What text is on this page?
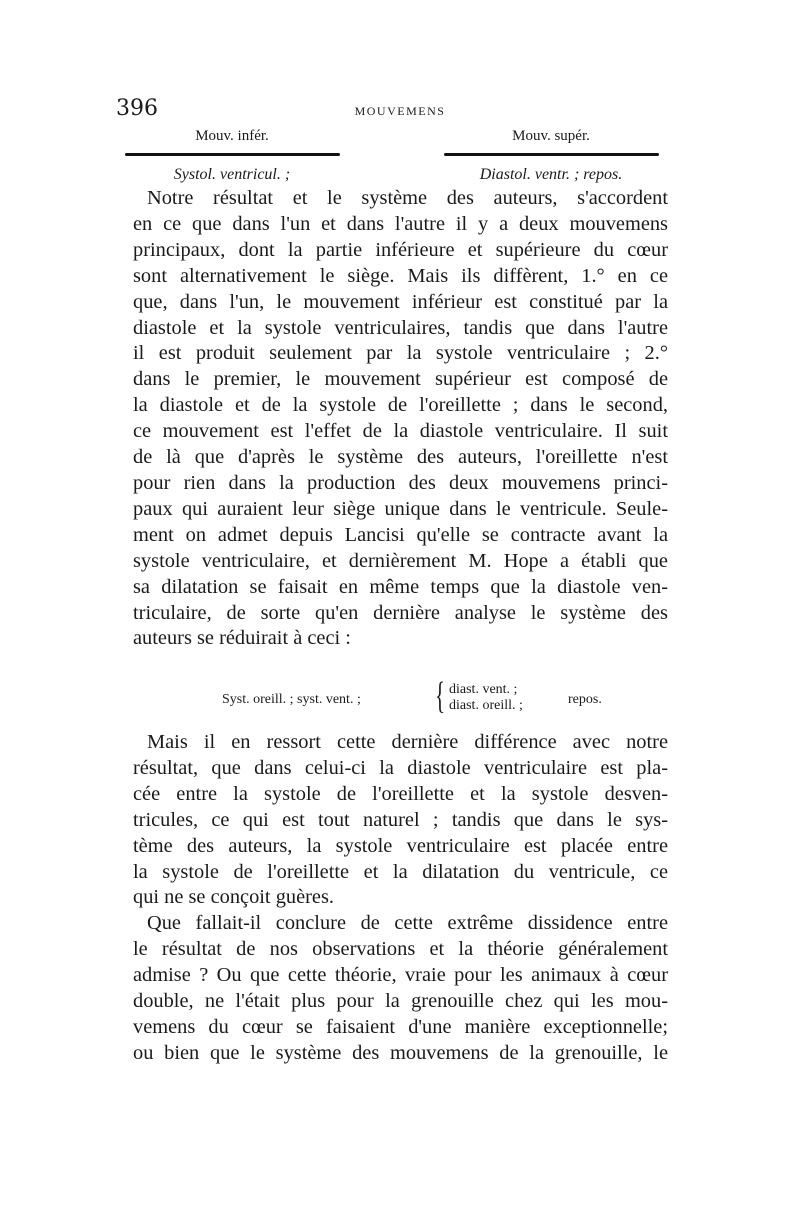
396	MOUVEMENS
Mouv. infér.
Systol. ventricul. ;
Mouv. supér.
Diastol. ventr. ; repos.
Notre résultat et le système des auteurs, s'accordent
en ce que dans l'un et dans l'autre il y a deux mouvemens
principaux, dont la partie inférieure et supérieure du cœur
sont alternativement le siège. Mais ils diffèrent, 1.° en ce
que, dans l'un, le mouvement inférieur est constitué par la
diastole et la systole ventriculaires, tandis que dans l'autre
il est produit seulement par la systole ventriculaire ; 2.°
dans le premier, le mouvement supérieur est composé de
la diastole et de la systole de l'oreillette ; dans le second,
ce mouvement est l'effet de la diastole ventriculaire. Il suit
de là que d'après le système des auteurs, l'oreillette n'est
pour rien dans la production des deux mouvemens princi-
paux qui auraient leur siège unique dans le ventricule. Seule-
ment on admet depuis Lancisi qu'elle se contracte avant la
systole ventriculaire, et dernièrement M. Hope a établi que
sa dilatation se faisait en même temps que la diastole ven-
triculaire, de sorte qu'en dernière analyse le système des
auteurs se réduirait à ceci :
Syst. oreill. ; syst. vent. ; { diast. vent. ;
diast. oreill. ;	repos.
Mais il en ressort cette dernière différence avec notre
résultat, que dans celui-ci la diastole ventriculaire est pla-
cée entre la systole de l'oreillette et la systole desven-
tricules, ce qui est tout naturel ; tandis que dans le sys-
tème des auteurs, la systole ventriculaire est placée entre
la systole de l'oreillette et la dilatation du ventricule, ce
qui ne se conçoit guères.
Que fallait-il conclure de cette extrême dissidence entre
le résultat de nos observations et la théorie généralement
admise ? Ou que cette théorie, vraie pour les animaux à cœur
double, ne l'était plus pour la grenouille chez qui les mou-
vemens du cœur se faisaient d'une manière exceptionnelle;
ou bien que le système des mouvemens de la grenouille, le
